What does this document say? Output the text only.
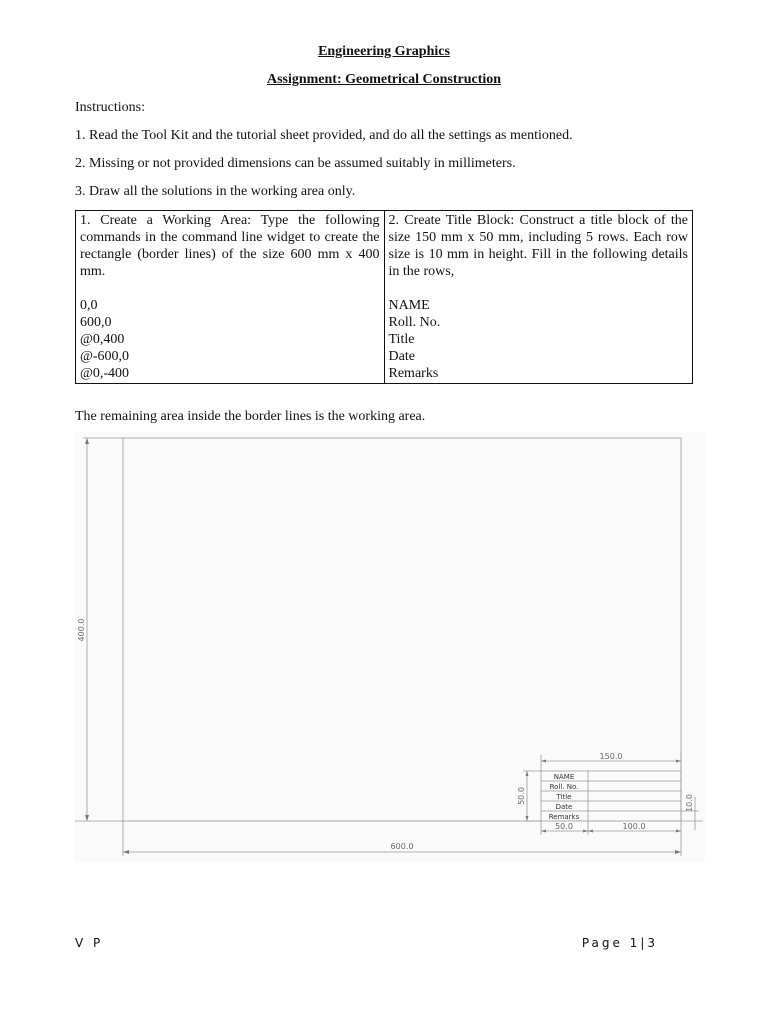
Engineering Graphics
Assignment: Geometrical Construction
Instructions:
1. Read the Tool Kit and the tutorial sheet provided, and do all the settings as mentioned.
2. Missing or not provided dimensions can be assumed suitably in millimeters.
3. Draw all the solutions in the working area only.

1. Create a Working Area: Type the following commands in the command line widget to create the rectangle (border lines) of the size 600 mm x 400 mm.

0,0
600,0
@0,400
@-600,0
@0,-400

2. Create Title Block: Construct a title block of the size 150 mm x 50 mm, including 5 rows. Each row size is 10 mm in height. Fill in the following details in the rows,

NAME
Roll. No.
Title
Date
Remarks
The remaining area inside the border lines is the working area.
400.0
600.0
150.0
50.0	10.0
50.0	100.0
NAME
Roll. No.
Title
Date
Remarks
V P	Page 1|3
